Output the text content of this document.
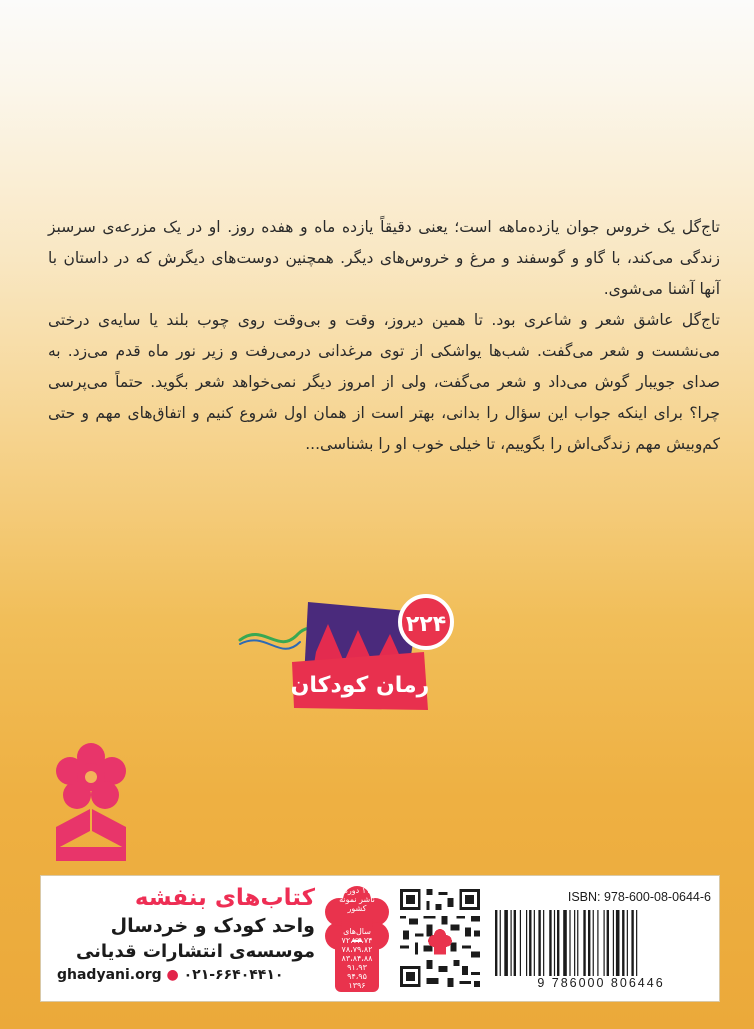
تاج‌گل یک خروس جوان یازده‌ماهه است؛ یعنی دقیقاً یازده ماه و هفده روز. او در یک مزرعه‌ی سرسبز زندگی می‌کند، با گاو و گوسفند و مرغ و خروس‌های دیگر. همچنین دوست‌های دیگرش که در داستان با آنها آشنا می‌شوی.

تاج‌گل عاشق شعر و شاعری بود. تا همین دیروز، وقت و بی‌وقت روی چوب بلند یا سایه‌ی درختی می‌نشست و شعر می‌گفت. شب‌ها یواشکی از توی مرغدانی درمی‌رفت و زیر نور ماه قدم می‌زد. به صدای جویبار گوش می‌داد و شعر می‌گفت، ولی از امروز دیگر نمی‌خواهد شعر بگوید. حتماً می‌پرسی چرا؟ برای اینکه جواب این سؤال را بدانی، بهتر است از همان اول شروع کنیم و اتفاق‌های مهم و حتی کم‌وبیش مهم زندگی‌اش را بگوییم، تا خیلی خوب او را بشناسی...

۲۲۴
رمان کودکان
کتاب‌های بنفشه
واحد کودک و خردسال
موسسه‌ی انتشارات قدیانی
ghadyani.org ● ۰۲۱-۶۶۴۰۴۴۱۰
۱۱ دوره
ناشر نمونه
کشور
سال‌های
۷۲،۷۳،۷۴
۷۸،۷۹،۸۲
۸۳،۸۴،۸۸
۹۱،۹۳
۹۴،۹۵
۱۳۹۶
ISBN: 978-600-08-0644-6
9 786000 806446
